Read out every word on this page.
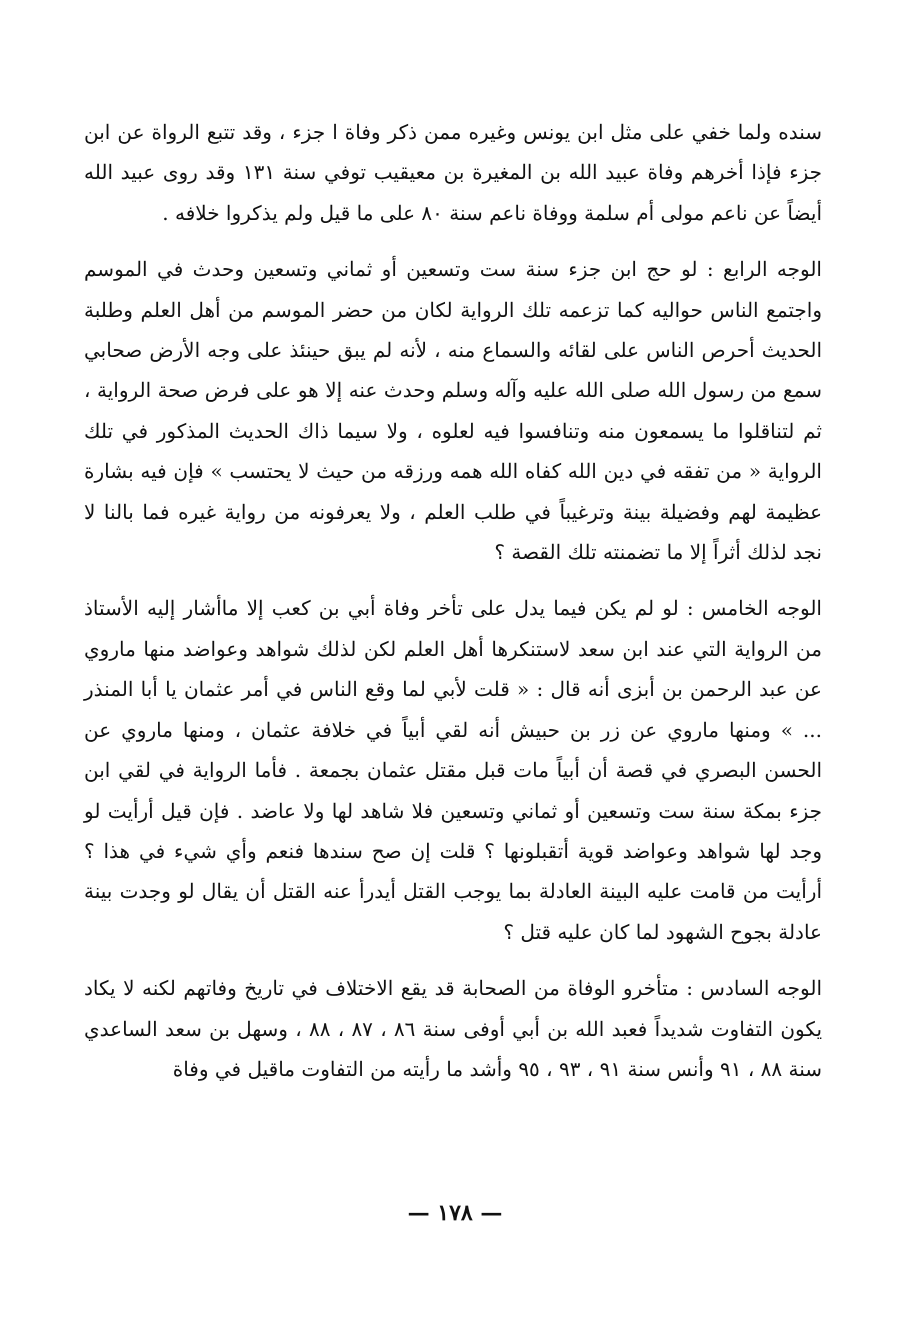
سنده ولما خفي على مثل ابن يونس وغيره ممن ذكر وفاة ا جزء ، وقد تتبع الرواة عن ابن جزء فإذا أخرهم وفاة عبيد الله بن المغيرة بن معيقيب توفي سنة ١٣١ وقد روى عبيد الله أيضاً عن ناعم مولى أم سلمة ووفاة ناعم سنة ٨٠ على ما قيل ولم يذكروا خلافه .

الوجه الرابع : لو حج ابن جزء سنة ست وتسعين أو ثماني وتسعين وحدث في الموسم واجتمع الناس حواليه كما تزعمه تلك الرواية لكان من حضر الموسم من أهل العلم وطلبة الحديث أحرص الناس على لقائه والسماع منه ، لأنه لم يبق حينئذ على وجه الأرض صحابي سمع من رسول الله صلى الله عليه وآله وسلم وحدث عنه إلا هو على فرض صحة الرواية ، ثم لتناقلوا ما يسمعون منه وتنافسوا فيه لعلوه ، ولا سيما ذاك الحديث المذكور في تلك الرواية « من تفقه في دين الله كفاه الله همه ورزقه من حيث لا يحتسب » فإن فيه بشارة عظيمة لهم وفضيلة بينة وترغيباً في طلب العلم ، ولا يعرفونه من رواية غيره فما بالنا لا نجد لذلك أثراً إلا ما تضمنته تلك القصة ؟

الوجه الخامس : لو لم يكن فيما يدل على تأخر وفاة أبي بن كعب إلا ماأشار إليه الأستاذ من الرواية التي عند ابن سعد لاستنكرها أهل العلم لكن لذلك شواهد وعواضد منها ماروي عن عبد الرحمن بن أبزى أنه قال : « قلت لأبي لما وقع الناس في أمر عثمان يا أبا المنذر ... » ومنها ماروي عن زر بن حبيش أنه لقي أبياً في خلافة عثمان ، ومنها ماروي عن الحسن البصري في قصة أن أبياً مات قبل مقتل عثمان بجمعة . فأما الرواية في لقي ابن جزء بمكة سنة ست وتسعين أو ثماني وتسعين فلا شاهد لها ولا عاضد . فإن قيل أرأيت لو وجد لها شواهد وعواضد قوية أتقبلونها ؟ قلت إن صح سندها فنعم وأي شيء في هذا ؟ أرأيت من قامت عليه البينة العادلة بما يوجب القتل أيدرأ عنه القتل أن يقال لو وجدت بينة عادلة بجوح الشهود لما كان عليه قتل ؟

الوجه السادس : متأخرو الوفاة من الصحابة قد يقع الاختلاف في تاريخ وفاتهم لكنه لا يكاد يكون التفاوت شديداً فعبد الله بن أبي أوفى سنة ٨٦ ، ٨٧ ، ٨٨ ، وسهل بن سعد الساعدي سنة ٨٨ ، ٩١ وأنس سنة ٩١ ، ٩٣ ، ٩٥ وأشد ما رأيته من التفاوت ماقيل في وفاة

— ١٧٨ —
